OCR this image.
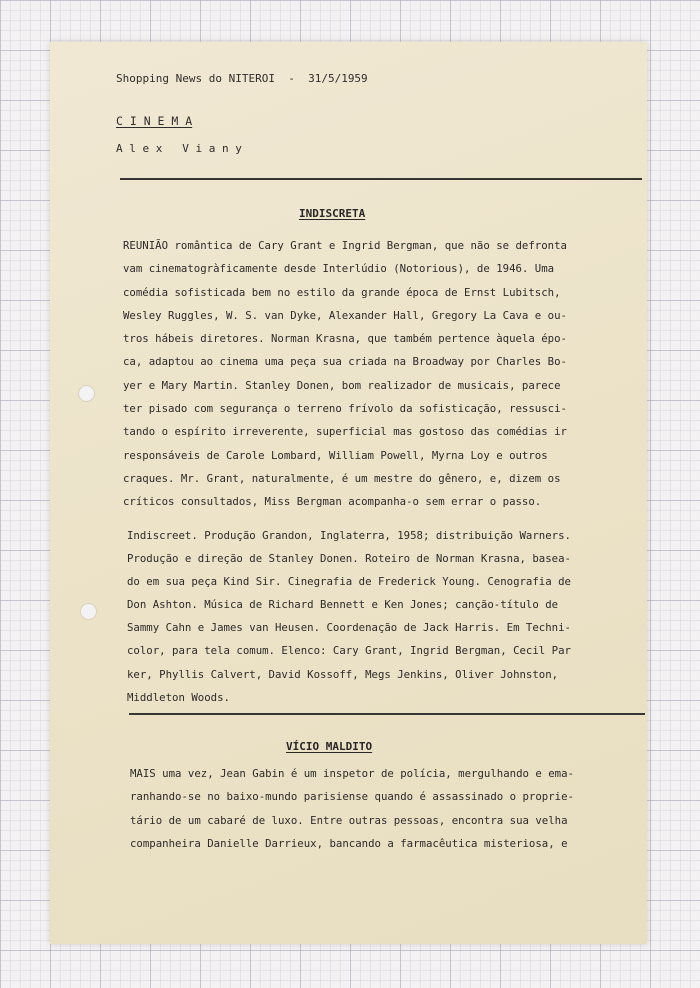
Shopping News do NITEROI - 31/5/1959
C I N E M A
A l e x   V i a n y
INDISCRETA
REUNIÃO romântica de Cary Grant e Ingrid Bergman, que não se defronta
vam cinematogràficamente desde Interlúdio (Notorious), de 1946. Uma
comédia sofisticada bem no estilo da grande época de Ernst Lubitsch,
Wesley Ruggles, W. S. van Dyke, Alexander Hall, Gregory La Cava e ou-
tros hábeis diretores. Norman Krasna, que também pertence àquela épo-
ca, adaptou ao cinema uma peça sua criada na Broadway por Charles Bo-
yer e Mary Martin. Stanley Donen, bom realizador de musicais, parece
ter pisado com segurança o terreno frívolo da sofisticação, ressusci-
tando o espírito irreverente, superficial mas gostoso das comédias ir
responsáveis de Carole Lombard, William Powell, Myrna Loy e outros
craques. Mr. Grant, naturalmente, é um mestre do gênero, e, dizem os
críticos consultados, Miss Bergman acompanha-o sem errar o passo.
Indiscreet. Produção Grandon, Inglaterra, 1958; distribuição Warners.
Produção e direção de Stanley Donen. Roteiro de Norman Krasna, basea-
do em sua peça Kind Sir. Cinegrafia de Frederick Young. Cenografia de
Don Ashton. Música de Richard Bennett e Ken Jones; canção-título de
Sammy Cahn e James van Heusen. Coordenação de Jack Harris. Em Techni-
color, para tela comum. Elenco: Cary Grant, Ingrid Bergman, Cecil Par
ker, Phyllis Calvert, David Kossoff, Megs Jenkins, Oliver Johnston,
Middleton Woods.
VÍCIO MALDITO
MAIS uma vez, Jean Gabin é um inspetor de polícia, mergulhando e ema-
ranhando-se no baixo-mundo parisiense quando é assassinado o proprie-
tário de um cabaré de luxo. Entre outras pessoas, encontra sua velha
companheira Danielle Darrieux, bancando a farmacêutica misteriosa, e
